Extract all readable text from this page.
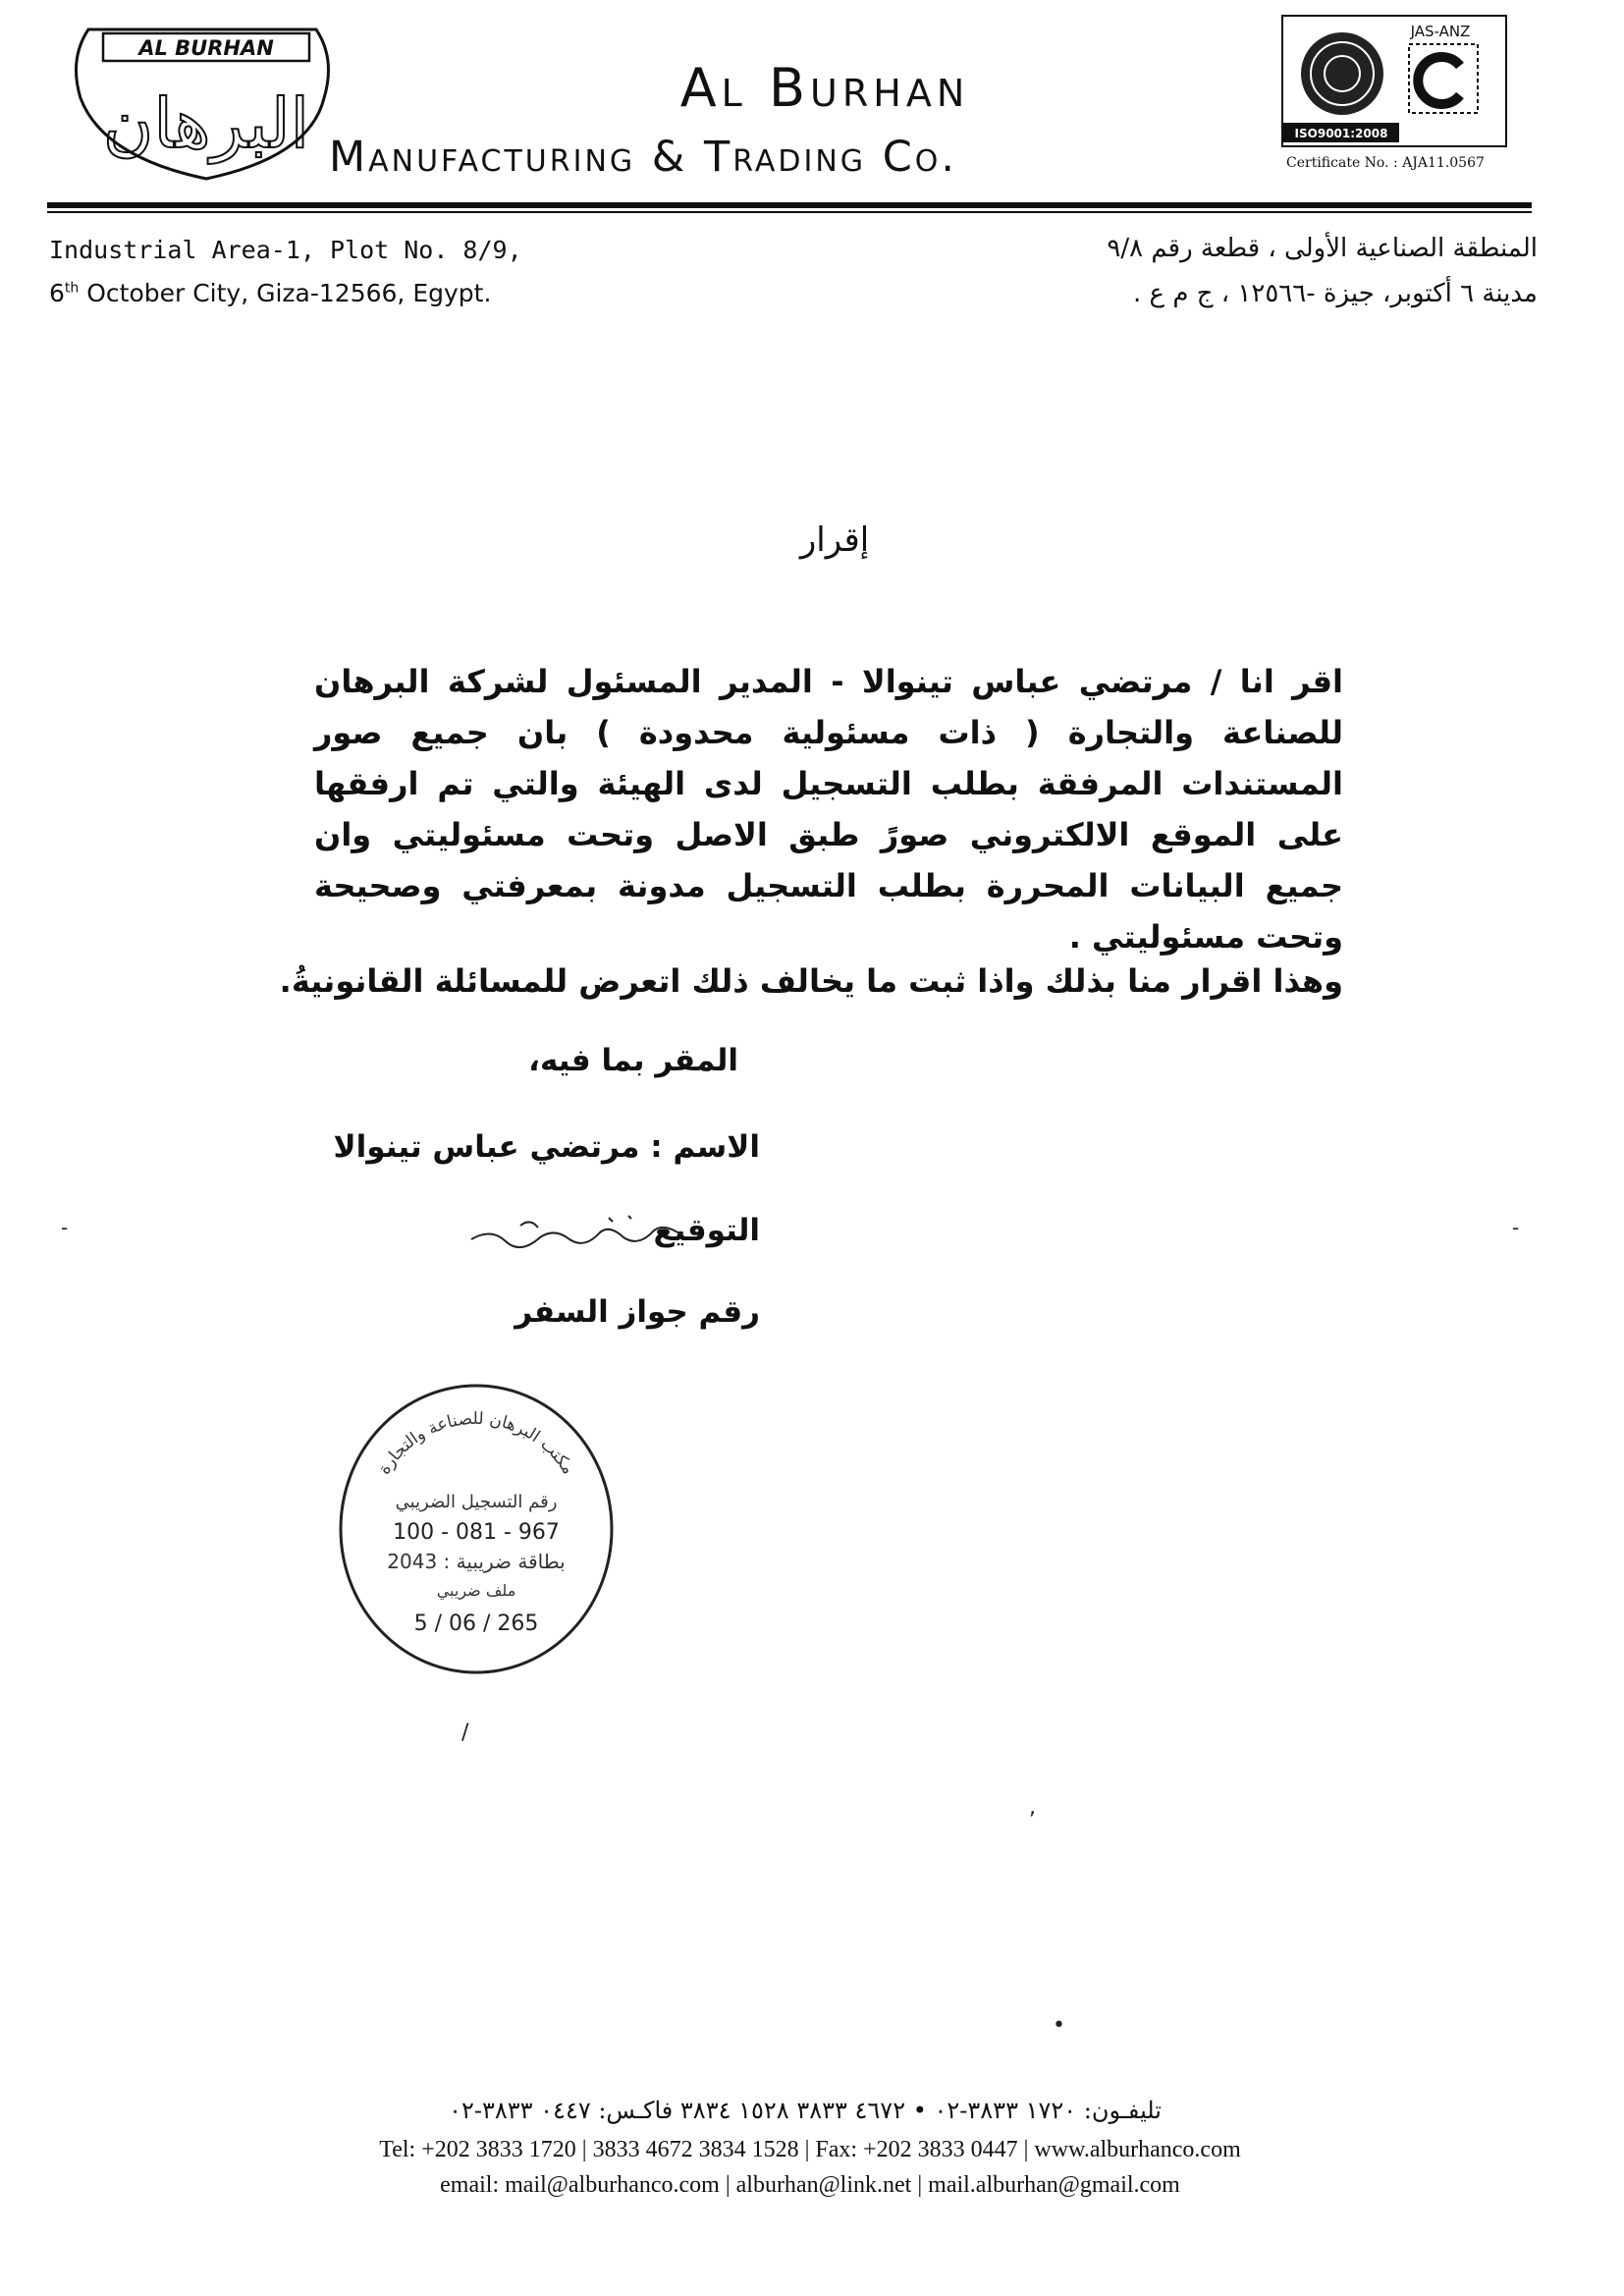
AL BURHAN
البرهان	Al Burhan
Manufacturing & Trading Co.
JAS-ANZ
ISO9001:2008
Certificate No. : AJA11.0567
Industrial Area-1, Plot No. 8/9,
6th October City, Giza-12566, Egypt.
المنطقة الصناعية الأولى ، قطعة رقم ٩/٨
مدينة ٦ أكتوبر، جيزة -١٢٥٦٦ ، ج م ع .
إقرار
اقر انا / مرتضي عباس تينوالا - المدير المسئول لشركة البرهان للصناعة والتجارة ( ذات مسئولية محدودة ) بان جميع صور المستندات المرفقة بطلب التسجيل لدى الهيئة والتي تم ارفقها على الموقع الالكتروني صورً طبق الاصل وتحت مسئوليتي وان جميع البيانات المحررة بطلب التسجيل مدونة بمعرفتي وصحيحة وتحت مسئوليتي .
وهذا اقرار منا بذلك واذا ثبت ما يخالف ذلك اتعرض للمسائلة القانونيةُ.
المقر بما فيه،
الاسم : مرتضي عباس تينوالا
التوقيع
رقم جواز السفر
-	-
مكتب البرهان للصناعة والتجارة
رقم التسجيل الضريبي
100 - 081 - 967
بطاقة ضريبية : 2043
ملف ضريبي
5 / 06 / 265
/
,
•
تليفـون: ١٧٢٠ ٣٨٣٣-٠٢ • ٤٦٧٢ ٣٨٣٣ ١٥٢٨ ٣٨٣٤ فاكـس: ٠٤٤٧ ٣٨٣٣-٠٢
Tel: +202 3833 1720 | 3833 4672 3834 1528 | Fax: +202 3833 0447 | www.alburhanco.com
email: mail@alburhanco.com | alburhan@link.net | mail.alburhan@gmail.com
